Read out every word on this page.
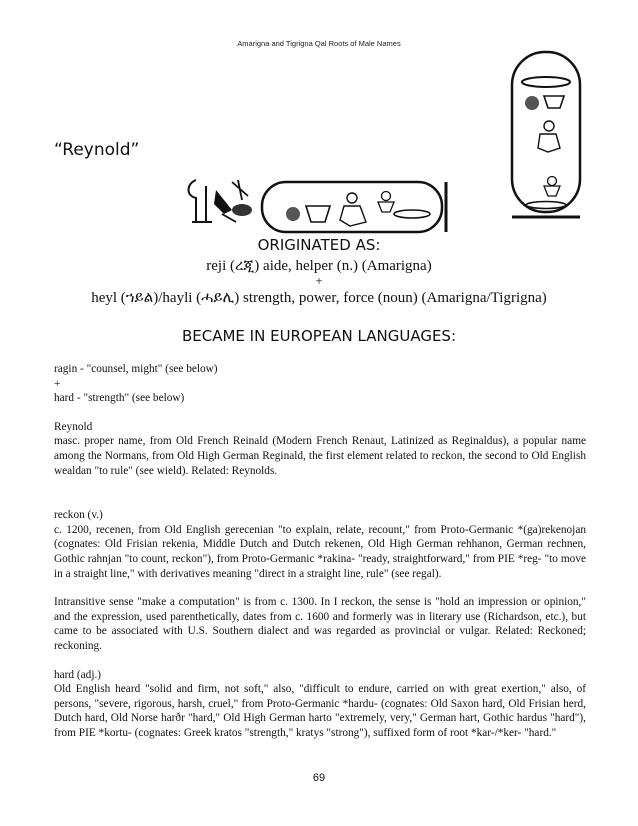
Amarigna and Tigrigna Qal Roots of Male Names
“Reynold”
ORIGINATED AS:
reji (ረጂ) aide, helper (n.) (Amarigna)
+
heyl (ኀይል)/hayli (ሓይሊ) strength, power, force (noun) (Amarigna/Tigrigna)
BECAME IN EUROPEAN LANGUAGES:

ragin - "counsel, might" (see below)

+

hard - "strength" (see below)

Reynold

masc. proper name, from Old French Reinald (Modern French Renaut, Latinized as Reginaldus), a popular name among the Normans, from Old High German Reginald, the first element related to reckon, the second to Old English wealdan "to rule" (see wield). Related: Reynolds.

reckon (v.)

c. 1200, recenen, from Old English gerecenian "to explain, relate, recount," from Proto-Germanic *(ga)rekenojan (cognates: Old Frisian rekenia, Middle Dutch and Dutch rekenen, Old High German rehhanon, German rechnen, Gothic rahnjan "to count, reckon"), from Proto-Germanic *rakina- "ready, straightforward," from PIE *reg- "to move in a straight line," with derivatives meaning "direct in a straight line, rule" (see regal).

Intransitive sense "make a computation" is from c. 1300. In I reckon, the sense is "hold an impression or opinion," and the expression, used parenthetically, dates from c. 1600 and formerly was in literary use (Richardson, etc.), but came to be associated with U.S. Southern dialect and was regarded as provincial or vulgar. Related: Reckoned; reckoning.

hard (adj.)

Old English heard "solid and firm, not soft," also, "difficult to endure, carried on with great exertion," also, of persons, "severe, rigorous, harsh, cruel," from Proto-Germanic *hardu- (cognates: Old Saxon hard, Old Frisian herd, Dutch hard, Old Norse harðr "hard," Old High German harto "extremely, very," German hart, Gothic hardus "hard"), from PIE *kortu- (cognates: Greek kratos "strength," kratys "strong"), suffixed form of root *kar-/*ker- "hard."

69
